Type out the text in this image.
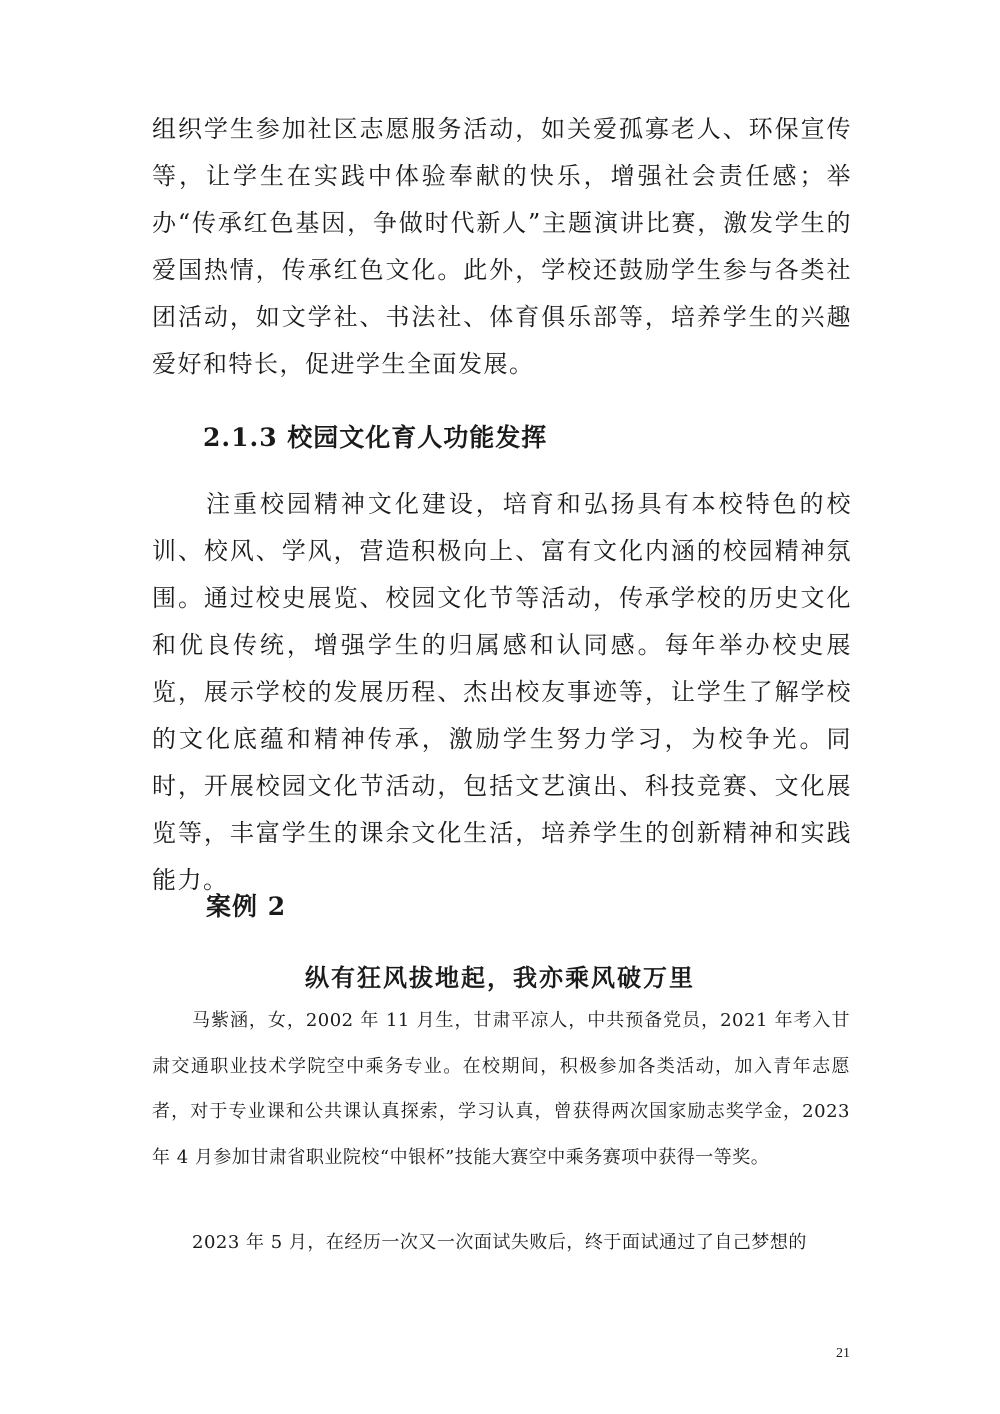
组织学生参加社区志愿服务活动，如关爱孤寡老人、环保宣传等，让学生在实践中体验奉献的快乐，增强社会责任感；举办“传承红色基因，争做时代新人”主题演讲比赛，激发学生的爱国热情，传承红色文化。此外，学校还鼓励学生参与各类社团活动，如文学社、书法社、体育俱乐部等，培养学生的兴趣爱好和特长，促进学生全面发展。

2.1.3 校园文化育人功能发挥

注重校园精神文化建设，培育和弘扬具有本校特色的校训、校风、学风，营造积极向上、富有文化内涵的校园精神氛围。通过校史展览、校园文化节等活动，传承学校的历史文化和优良传统，增强学生的归属感和认同感。每年举办校史展览，展示学校的发展历程、杰出校友事迹等，让学生了解学校的文化底蕴和精神传承，激励学生努力学习，为校争光。同时，开展校园文化节活动，包括文艺演出、科技竞赛、文化展览等，丰富学生的课余文化生活，培养学生的创新精神和实践能力。

案例 2
纵有狂风拔地起，我亦乘风破万里

马紫涵，女，2002 年 11 月生，甘肃平凉人，中共预备党员，2021 年考入甘肃交通职业技术学院空中乘务专业。在校期间，积极参加各类活动，加入青年志愿者，对于专业课和公共课认真探索，学习认真，曾获得两次国家励志奖学金，2023 年 4 月参加甘肃省职业院校“中银杯”技能大赛空中乘务赛项中获得一等奖。

2023 年 5 月，在经历一次又一次面试失败后，终于面试通过了自己梦想的

21
